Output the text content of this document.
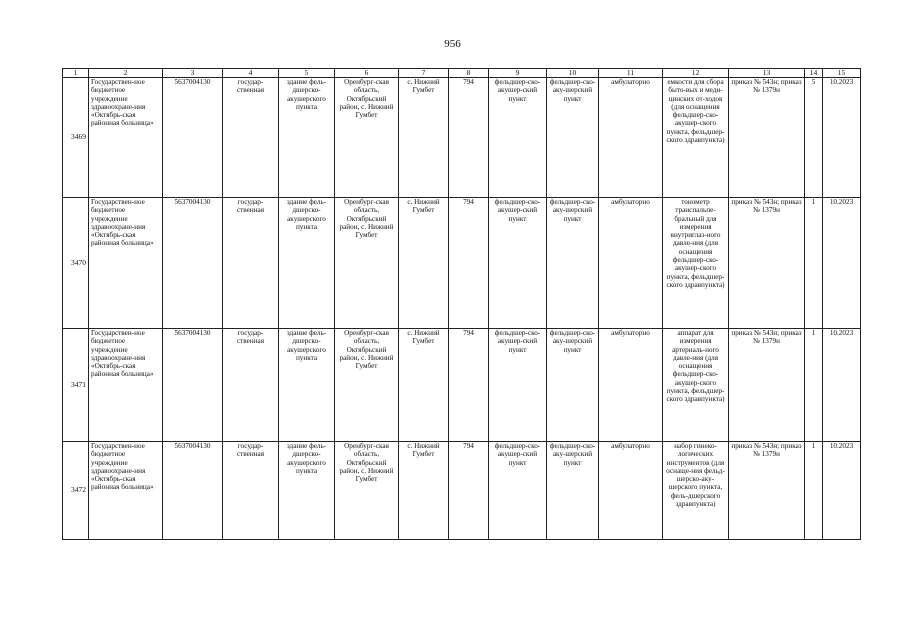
956
1	2	3	4	5	6	7	8	9	10	11	12	13	14	15
3469	Государствен-ное бюджетное учреждение здравоохране-ния «Октябрь-ская районная больница»	5637004130	государ-ственная	здание фель-дшерско-акушерского пункта	Оренбург-ская область, Октябрьский район, с. Нижний Гумбет	с. Нижний Гумбет	794	фельдшер-ско-акушер-ский пункт	фельдшер-ско-аку-шерский пункт	амбулаторно	емкости для сбора быто-вых и меди-цинских от-ходов (для оснащения фельдшер-ско-акушер-ского пункта, фельдшер-ского здравпункта)	приказ № 543н; приказ № 1379н	5	10.2023
3470	Государствен-ное бюджетное учреждение здравоохране-ния «Октябрь-ская районная больница»	5637004130	государ-ственная	здание фель-дшерско-акушерского пункта	Оренбург-ская область, Октябрьский район, с. Нижний Гумбет	с. Нижний Гумбет	794	фельдшер-ско-акушер-ский пункт	фельдшер-ско-аку-шерский пункт	амбулаторно	тонометр транспальпе-бральный для измерения внутриглаз-ного давле-ния (для оснащения фельдшер-ско-акушер-ского пункта, фельдшер-ского здравпункта)	приказ № 543н; приказ № 1379н	1	10.2023
3471	Государствен-ное бюджетное учреждение здравоохране-ния «Октябрь-ская районная больница»	5637004130	государ-ственная	здание фель-дшерско-акушерского пункта	Оренбург-ская область, Октябрьский район, с. Нижний Гумбет	с. Нижний Гумбет	794	фельдшер-ско-акушер-ский пункт	фельдшер-ско-аку-шерский пункт	амбулаторно	аппарат для измерения артериаль-ного давле-ния (для оснащения фельдшер-ско-акушер-ского пункта, фельдшер-ского здравпункта)	приказ № 543н; приказ № 1379н	1	10.2023
3472	Государствен-ное бюджетное учреждение здравоохране-ния «Октябрь-ская районная больница»	5637004130	государ-ственная	здание фель-дшерско-акушерского пункта	Оренбург-ская область, Октябрьский район, с. Нижний Гумбет	с. Нижний Гумбет	794	фельдшер-ско-акушер-ский пункт	фельдшер-ско-аку-шерский пункт	амбулаторно	набор гинеко-логических инструментов (для оснаще-ния фельд-шерско-аку-шерского пункта, фель-дшерского здравпункта)	приказ № 543н; приказ № 1379н	1	10.2023
